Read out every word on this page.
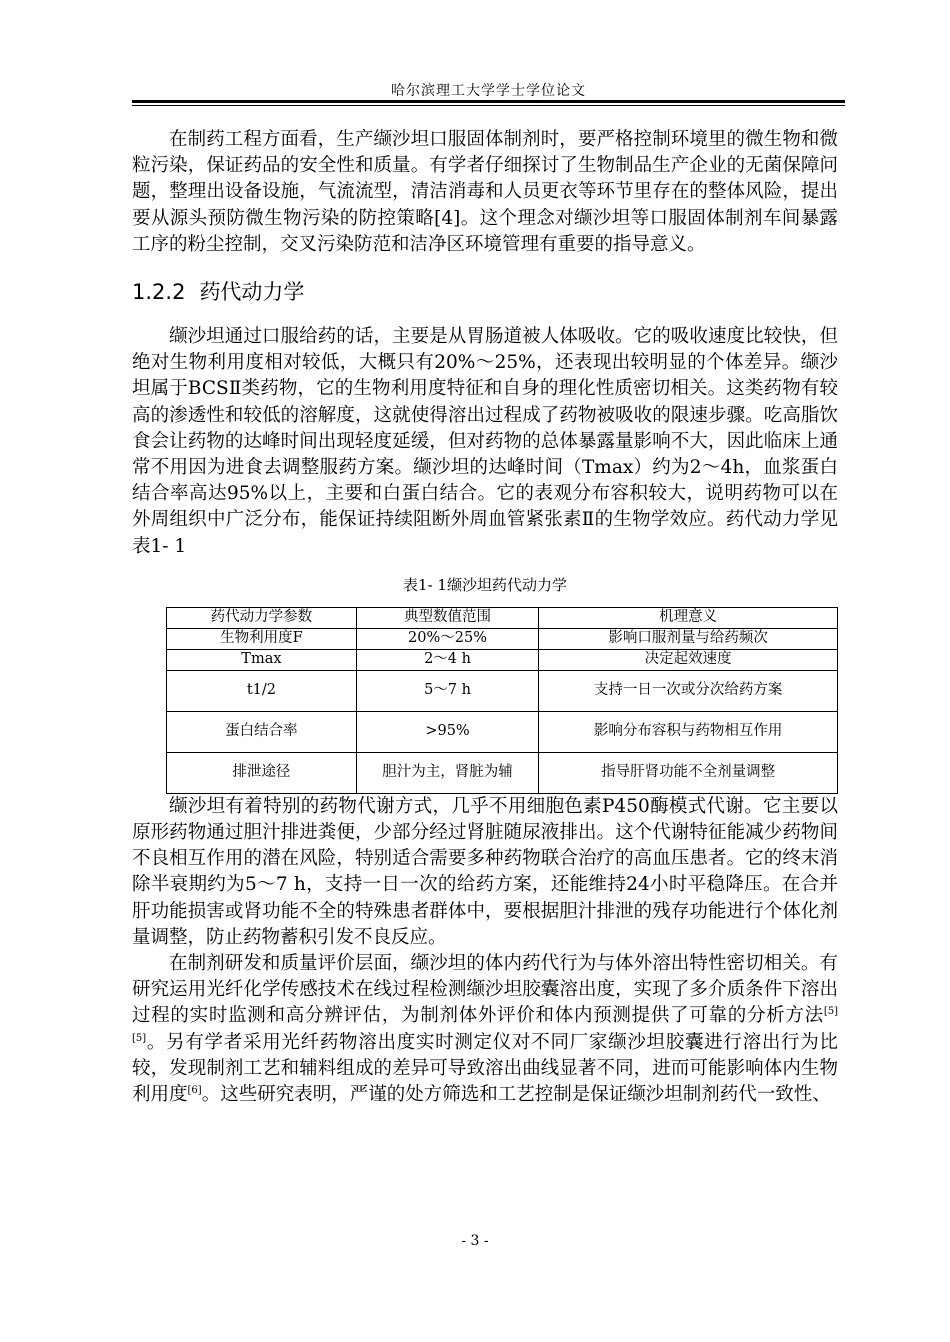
哈尔滨理工大学学士学位论文

在制药工程方面看，生产缬沙坦口服固体制剂时，要严格控制环境里的微生物和微粒污染，保证药品的安全性和质量。有学者仔细探讨了生物制品生产企业的无菌保障问题，整理出设备设施，气流流型，清洁消毒和人员更衣等环节里存在的整体风险，提出要从源头预防微生物污染的防控策略[4]。这个理念对缬沙坦等口服固体制剂车间暴露工序的粉尘控制，交叉污染防范和洁净区环境管理有重要的指导意义。

1.2.2 药代动力学

缬沙坦通过口服给药的话，主要是从胃肠道被人体吸收。它的吸收速度比较快，但绝对生物利用度相对较低，大概只有20%～25%，还表现出较明显的个体差异。缬沙坦属于BCSⅡ类药物，它的生物利用度特征和自身的理化性质密切相关。这类药物有较高的渗透性和较低的溶解度，这就使得溶出过程成了药物被吸收的限速步骤。吃高脂饮食会让药物的达峰时间出现轻度延缓，但对药物的总体暴露量影响不大，因此临床上通常不用因为进食去调整服药方案。缬沙坦的达峰时间（Tmax）约为2～4h，血浆蛋白结合率高达95%以上，主要和白蛋白结合。它的表观分布容积较大，说明药物可以在外周组织中广泛分布，能保证持续阻断外周血管紧张素Ⅱ的生物学效应。药代动力学见表1- 1

表1- 1缬沙坦药代动力学
药代动力学参数	典型数值范围	机理意义
生物利用度F	20%～25%	影响口服剂量与给药频次
Tmax	2～4 h	决定起效速度
t1/2	5～7 h	支持一日一次或分次给药方案
蛋白结合率	>95%	影响分布容积与药物相互作用
排泄途径	胆汁为主，肾脏为辅	指导肝肾功能不全剂量调整

缬沙坦有着特别的药物代谢方式，几乎不用细胞色素P450酶模式代谢。它主要以原形药物通过胆汁排进粪便，少部分经过肾脏随尿液排出。这个代谢特征能减少药物间不良相互作用的潜在风险，特别适合需要多种药物联合治疗的高血压患者。它的终末消除半衰期约为5～7 h，支持一日一次的给药方案，还能维持24小时平稳降压。在合并肝功能损害或肾功能不全的特殊患者群体中，要根据胆汁排泄的残存功能进行个体化剂量调整，防止药物蓄积引发不良反应。

在制剂研发和质量评价层面，缬沙坦的体内药代行为与体外溶出特性密切相关。有研究运用光纤化学传感技术在线过程检测缬沙坦胶囊溶出度，实现了多介质条件下溶出过程的实时监测和高分辨评估，为制剂体外评价和体内预测提供了可靠的分析方法[5][5]。另有学者采用光纤药物溶出度实时测定仪对不同厂家缬沙坦胶囊进行溶出行为比较，发现制剂工艺和辅料组成的差异可导致溶出曲线显著不同，进而可能影响体内生物利用度[6]。这些研究表明，严谨的处方筛选和工艺控制是保证缬沙坦制剂药代一致性、

- 3 -
